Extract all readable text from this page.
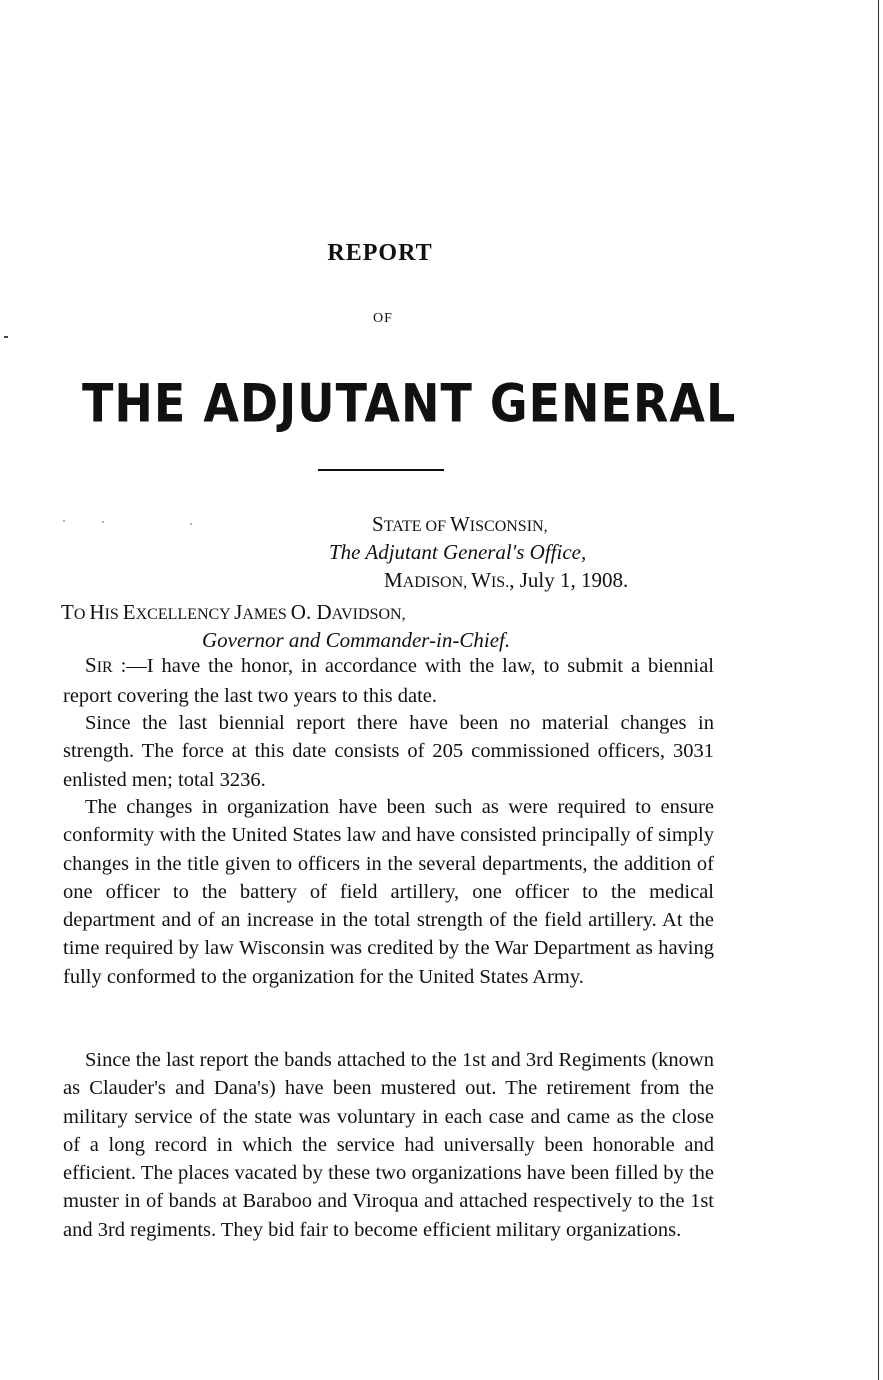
REPORT
OF
THE ADJUTANT GENERAL
STATE OF WISCONSIN,
The Adjutant General's Office,
MADISON, WIS., July 1, 1908.
TO HIS EXCELLENCY JAMES O. DAVIDSON,
Governor and Commander-in-Chief.
SIR :—I have the honor, in accordance with the law, to submit a biennial report covering the last two years to this date.
Since the last biennial report there have been no material changes in strength. The force at this date consists of 205 commissioned officers, 3031 enlisted men; total 3236.
The changes in organization have been such as were required to ensure conformity with the United States law and have consisted principally of simply changes in the title given to officers in the several departments, the addition of one officer to the battery of field artillery, one officer to the medical department and of an increase in the total strength of the field artillery. At the time required by law Wisconsin was credited by the War Department as having fully conformed to the organization for the United States Army.
Since the last report the bands attached to the 1st and 3rd Regiments (known as Clauder's and Dana's) have been mustered out. The retirement from the military service of the state was voluntary in each case and came as the close of a long record in which the service had universally been honorable and efficient. The places vacated by these two organizations have been filled by the muster in of bands at Baraboo and Viroqua and attached respectively to the 1st and 3rd regiments. They bid fair to become efficient military organizations.
